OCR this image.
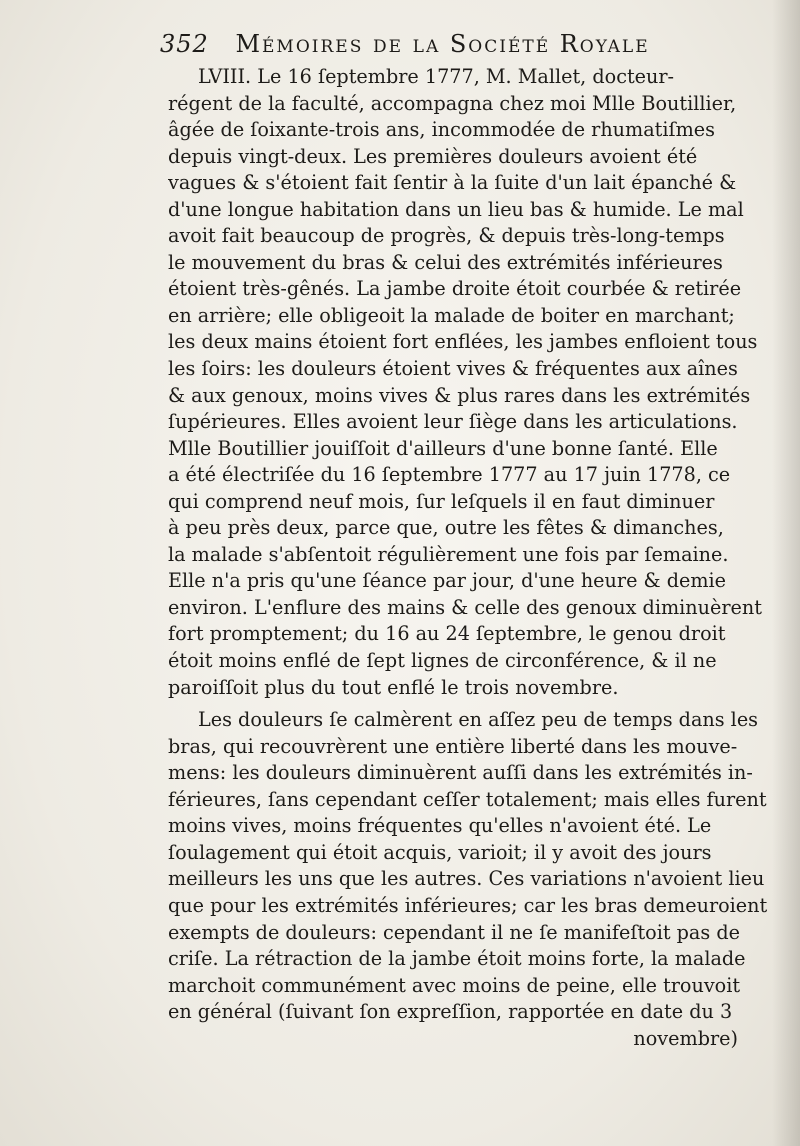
352 Mémoires de la Société Royale
LVIII. Le 16 ſeptembre 1777, M. Mallet, docteur-
régent de la faculté, accompagna chez moi Mlle Boutillier,
âgée de ſoixante-trois ans, incommodée de rhumatiſmes
depuis vingt-deux. Les premières douleurs avoient été
vagues & s'étoient fait ſentir à la ſuite d'un lait épanché &
d'une longue habitation dans un lieu bas & humide. Le mal
avoit fait beaucoup de progrès, & depuis très-long-temps
le mouvement du bras & celui des extrémités inférieures
étoient très-gênés. La jambe droite étoit courbée & retirée
en arrière; elle obligeoit la malade de boiter en marchant;
les deux mains étoient fort enflées, les jambes enfloient tous
les ſoirs: les douleurs étoient vives & fréquentes aux aînes
& aux genoux, moins vives & plus rares dans les extrémités
ſupérieures. Elles avoient leur ſiège dans les articulations.
Mlle Boutillier jouiſſoit d'ailleurs d'une bonne ſanté. Elle
a été électriſée du 16 ſeptembre 1777 au 17 juin 1778, ce
qui comprend neuf mois, ſur leſquels il en faut diminuer
à peu près deux, parce que, outre les fêtes & dimanches,
la malade s'abſentoit régulièrement une fois par ſemaine.
Elle n'a pris qu'une ſéance par jour, d'une heure & demie
environ. L'enflure des mains & celle des genoux diminuèrent
fort promptement; du 16 au 24 ſeptembre, le genou droit
étoit moins enflé de ſept lignes de circonférence, & il ne
paroiſſoit plus du tout enflé le trois novembre.
Les douleurs ſe calmèrent en aſſez peu de temps dans les
bras, qui recouvrèrent une entière liberté dans les mouve-
mens: les douleurs diminuèrent auſſi dans les extrémités in-
férieures, ſans cependant ceſſer totalement; mais elles furent
moins vives, moins fréquentes qu'elles n'avoient été. Le
ſoulagement qui étoit acquis, varioit; il y avoit des jours
meilleurs les uns que les autres. Ces variations n'avoient lieu
que pour les extrémités inférieures; car les bras demeuroient
exempts de douleurs: cependant il ne ſe manifeſtoit pas de
criſe. La rétraction de la jambe étoit moins forte, la malade
marchoit communément avec moins de peine, elle trouvoit
en général (ſuivant ſon expreſſion, rapportée en date du 3
novembre)
